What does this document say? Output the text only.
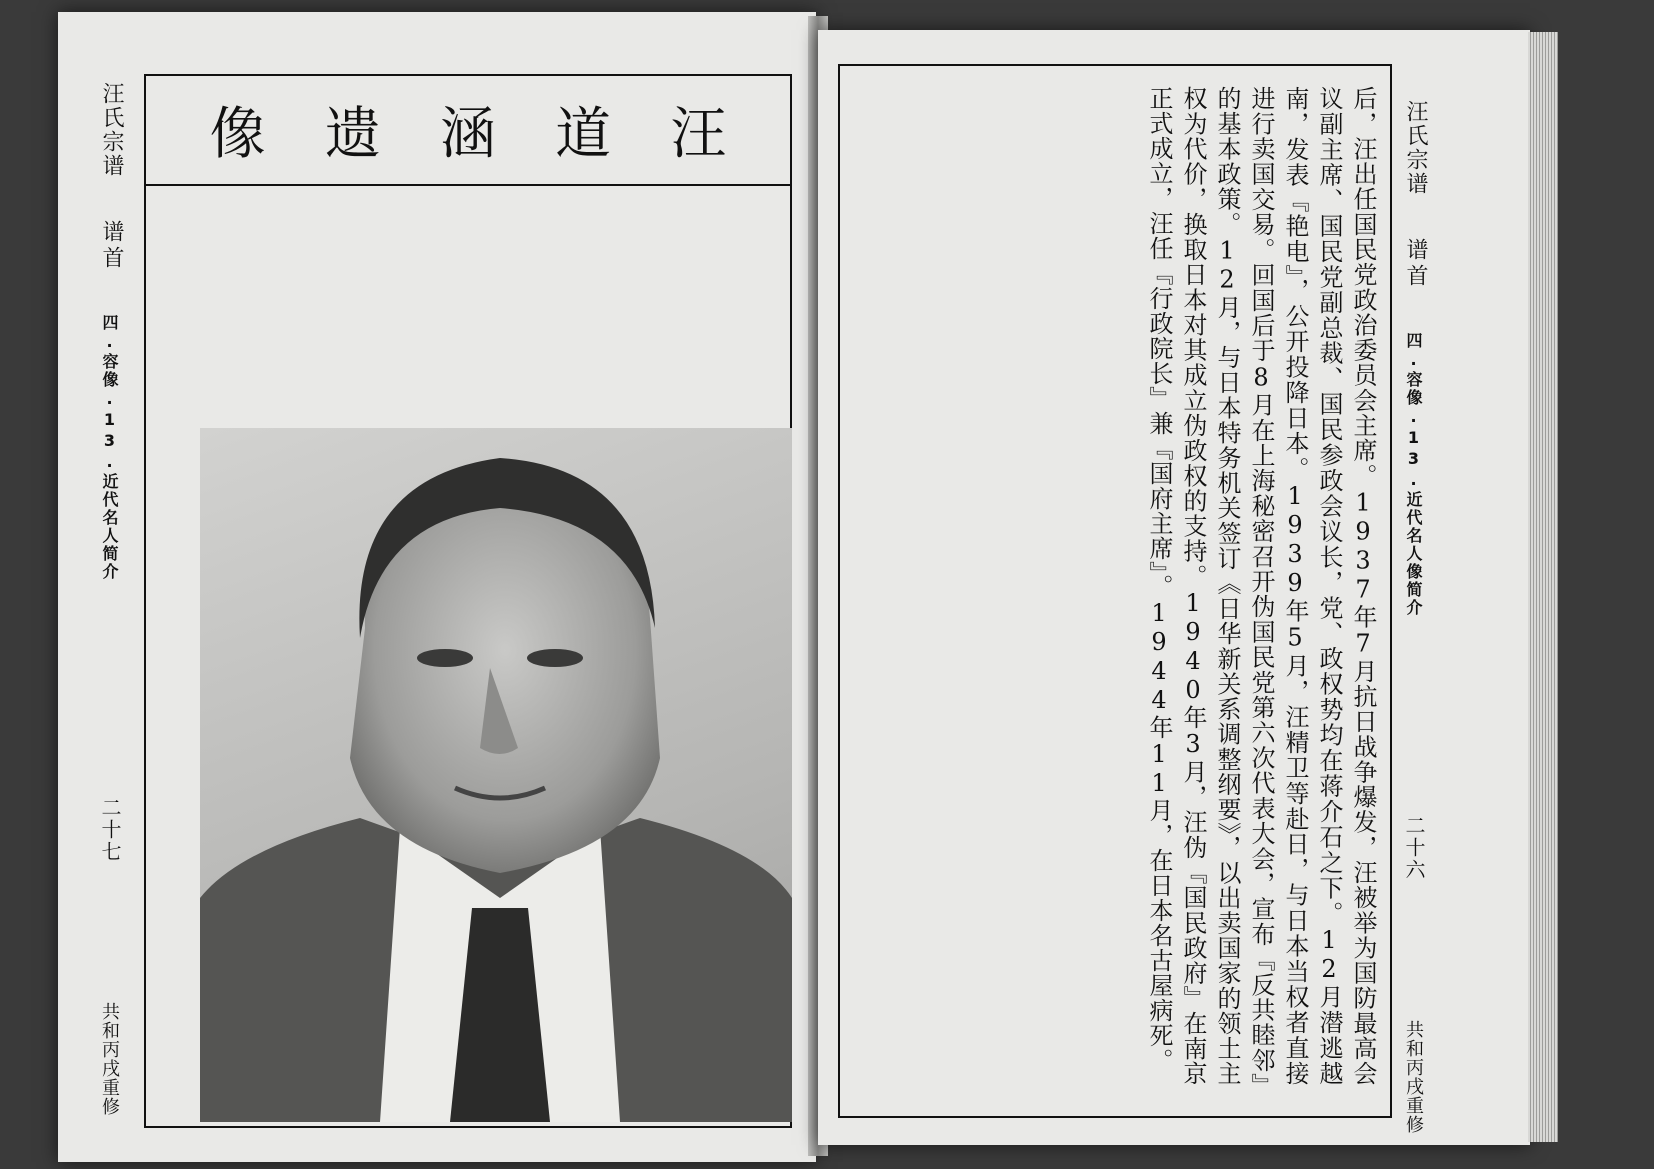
汪氏宗谱
谱首
四.容像.13.近代名人简介
二十七
共和丙戌重修
像 遗 涵 道 汪	汪氏宗谱
谱首
四.容像.13.近代名人像简介
二十六
共和丙戌重修
后，汪出任国民党政治委员会主席。1937年7月抗日战争爆发，汪被举为国防最高会议副主席、国民党副总裁、国民参政会议长，党、政权势均在蒋介石之下。12月潜逃越南，发表『艳电』，公开投降日本。1939年5月，汪精卫等赴日，与日本当权者直接进行卖国交易。回国后于8月在上海秘密召开伪国民党第六次代表大会，宣布『反共睦邻』的基本政策。12月，与日本特务机关签订《日华新关系调整纲要》，以出卖国家的领土主权为代价，换取日本对其成立伪政权的支持。1940年3月，汪伪『国民政府』在南京正式成立，汪任『行政院长』兼『国府主席』。1944年11月，在日本名古屋病死。
